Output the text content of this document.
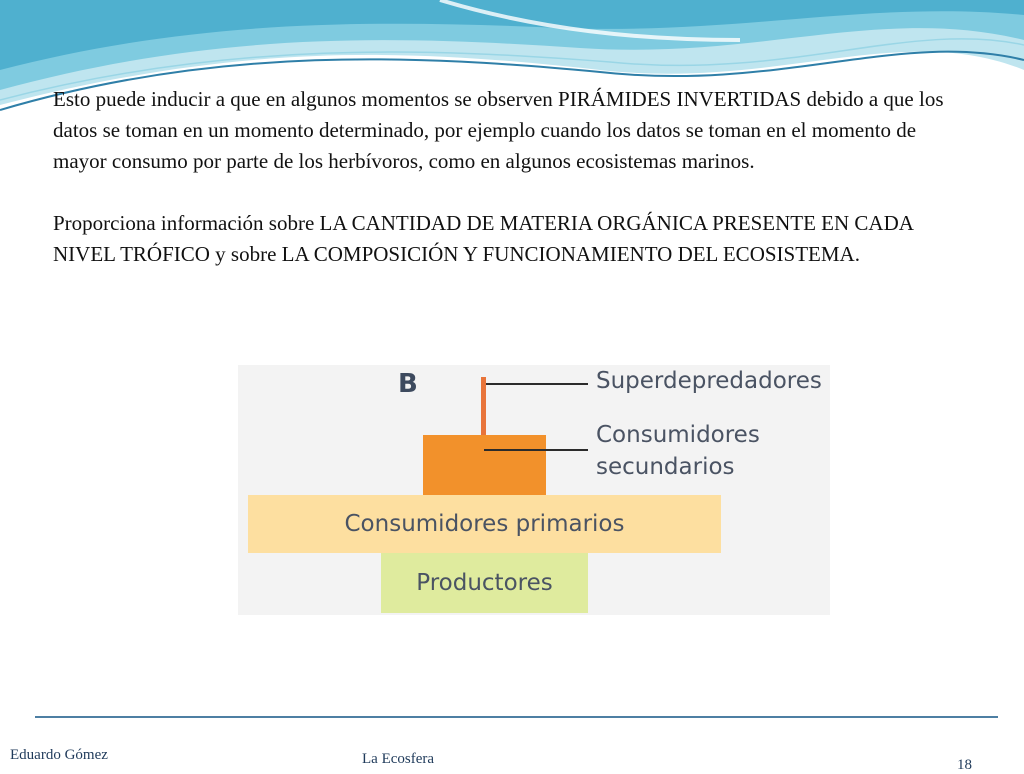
Esto puede inducir a que en algunos momentos se observen PIRÁMIDES INVERTIDAS debido a que los datos se toman en un momento determinado, por ejemplo cuando los datos se toman en el momento de mayor consumo por parte de los herbívoros, como en algunos ecosistemas marinos.

Proporciona información sobre LA CANTIDAD DE MATERIA ORGÁNICA PRESENTE EN CADA NIVEL TRÓFICO y sobre LA COMPOSICIÓN Y FUNCIONAMIENTO DEL ECOSISTEMA.

B
Consumidores primarios
Productores
Superdepredadores
Consumidores
secundarios
Eduardo Gómez	La Ecosfera	18
